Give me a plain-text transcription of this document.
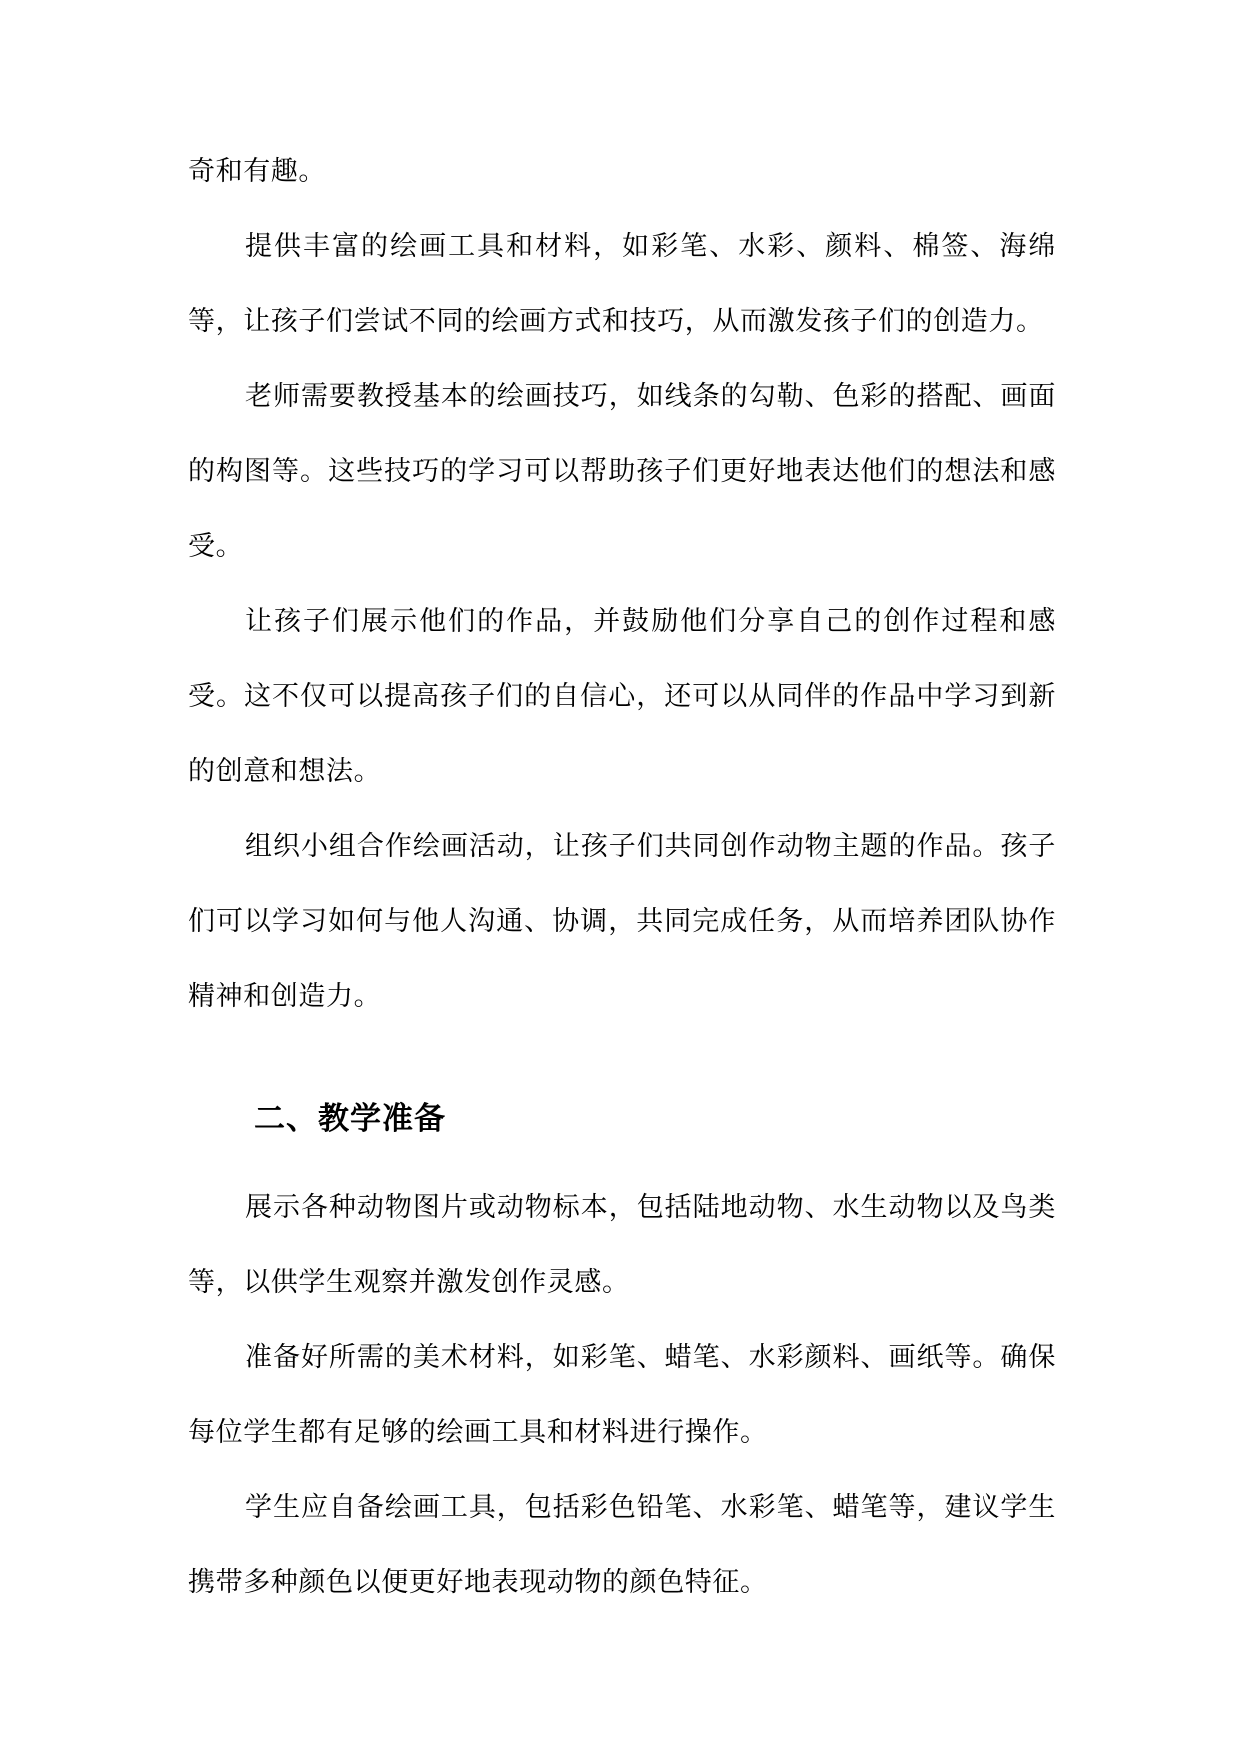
奇和有趣。

提供丰富的绘画工具和材料，如彩笔、水彩、颜料、棉签、海绵等，让孩子们尝试不同的绘画方式和技巧，从而激发孩子们的创造力。

老师需要教授基本的绘画技巧，如线条的勾勒、色彩的搭配、画面的构图等。这些技巧的学习可以帮助孩子们更好地表达他们的想法和感受。

让孩子们展示他们的作品，并鼓励他们分享自己的创作过程和感受。这不仅可以提高孩子们的自信心，还可以从同伴的作品中学习到新的创意和想法。

组织小组合作绘画活动，让孩子们共同创作动物主题的作品。孩子们可以学习如何与他人沟通、协调，共同完成任务，从而培养团队协作精神和创造力。

二、教学准备

展示各种动物图片或动物标本，包括陆地动物、水生动物以及鸟类等，以供学生观察并激发创作灵感。

准备好所需的美术材料，如彩笔、蜡笔、水彩颜料、画纸等。确保每位学生都有足够的绘画工具和材料进行操作。

学生应自备绘画工具，包括彩色铅笔、水彩笔、蜡笔等，建议学生携带多种颜色以便更好地表现动物的颜色特征。
